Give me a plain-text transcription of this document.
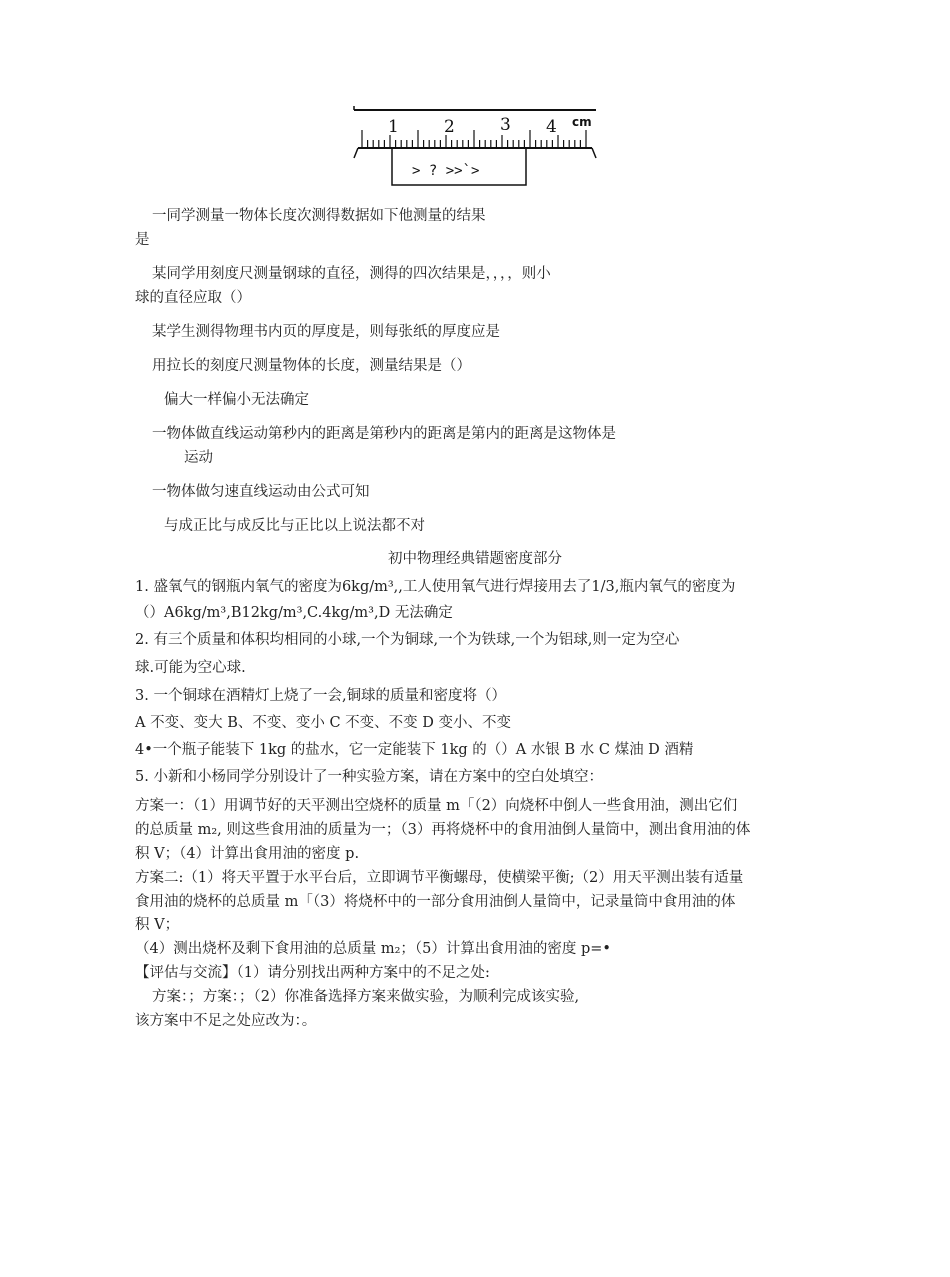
1	2	3 4 cm
> ? >>`>
一同学测量一物体长度次测得数据如下他测量的结果
是
某同学用刻度尺测量钢球的直径，测得的四次结果是，，，，则小
球的直径应取（）
某学生测得物理书内页的厚度是，则每张纸的厚度应是
用拉长的刻度尺测量物体的长度，测量结果是（）
偏大一样偏小无法确定
一物体做直线运动第秒内的距离是第秒内的距离是第内的距离是这物体是
运动
一物体做匀速直线运动由公式可知
与成正比与成反比与正比以上说法都不对
初中物理经典错题密度部分
1. 盛氧气的钢瓶内氧气的密度为6kg/m³,,工人使用氧气进行焊接用去了1/3,瓶内氧气的密度为
（）A6kg/m³,B12kg/m³,C.4kg/m³,D 无法确定
2. 有三个质量和体积均相同的小球,一个为铜球,一个为铁球,一个为铝球,则一定为空心
球.可能为空心球.
3. 一个铜球在酒精灯上烧了一会,铜球的质量和密度将（）
A 不变、变大 B、不变、变小 C 不变、不变 D 变小、不变
4•一个瓶子能装下 1kg 的盐水，它一定能装下 1kg 的（）A 水银 B 水 C 煤油 D 酒精
5. 小新和小杨同学分别设计了一种实验方案，请在方案中的空白处填空：
方案一：（1）用调节好的天平测出空烧杯的质量 m「（2）向烧杯中倒人一些食用油，测出它们
的总质量 m₂, 则这些食用油的质量为一；（3）再将烧杯中的食用油倒人量筒中，测出食用油的体
积 V；（4）计算出食用油的密度 p.
方案二:（1）将天平置于水平台后，立即调节平衡螺母，使横梁平衡;（2）用天平测出装有适量
食用油的烧杯的总质量 m「（3）将烧杯中的一部分食用油倒人量筒中，记录量筒中食用油的体
积 V；
（4）测出烧杯及剩下食用油的总质量 m₂；（5）计算出食用油的密度 p=•
【评估与交流】（1）请分别找出两种方案中的不足之处:
方案：；方案：；（2）你准备选择方案来做实验，为顺利完成该实验,
该方案中不足之处应改为：。
